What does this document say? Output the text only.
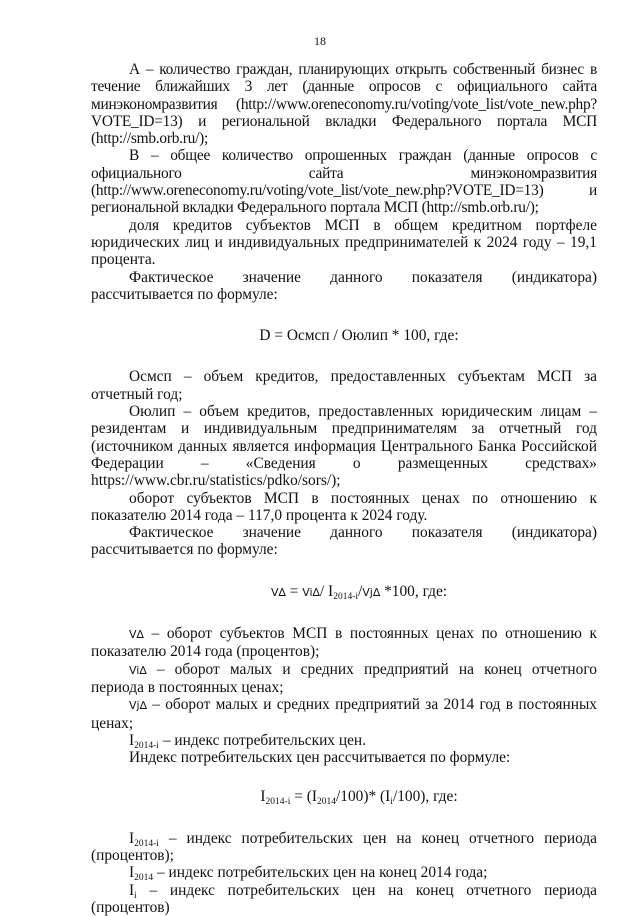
18

А – количество граждан, планирующих открыть собственный бизнес в течение ближайших 3 лет (данные опросов с официального сайта минэкономразвития (http://www.oreneconomy.ru/voting/vote_list/vote_new.php?VOTE_ID=13) и региональной вкладки Федерального портала МСП (http://smb.orb.ru/);

В – общее количество опрошенных граждан (данные опросов с официального сайта минэкономразвития (http://www.oreneconomy.ru/voting/vote_list/vote_new.php?VOTE_ID=13) и региональной вкладки Федерального портала МСП (http://smb.orb.ru/);

доля кредитов субъектов МСП в общем кредитном портфеле юридических лиц и индивидуальных предпринимателей к 2024 году – 19,1 процента.

Фактическое значение данного показателя (индикатора) рассчитывается по формуле:

D = Осмсп / Оюлип * 100, где:

Осмсп – объем кредитов, предоставленных субъектам МСП за отчетный год;

Оюлип – объем кредитов, предоставленных юридическим лицам – резидентам и индивидуальным предпринимателям за отчетный год (источником данных является информация Центрального Банка Российской Федерации – «Сведения о размещенных средствах» https://www.cbr.ru/statistics/pdko/sors/);

оборот субъектов МСП в постоянных ценах по отношению к показателю 2014 года – 117,0 процента к 2024 году.

Фактическое значение данного показателя (индикатора) рассчитывается по формуле:

V∆ = Vi∆/ $I_{2014-i}/Vj\Delta$ *100, где:

V∆ – оборот субъектов МСП в постоянных ценах по отношению к показателю 2014 года (процентов);

Vi∆ – оборот малых и средних предприятий на конец отчетного периода в постоянных ценах;

Vj∆ – оборот малых и средних предприятий за 2014 год в постоянных ценах;

$I_{2014-i}$ – индекс потребительских цен.

Индекс потребительских цен рассчитывается по формуле:

$I_{2014-i} = (I_{2014}/100)*$ $(I_i/100)$, где:

$I_{2014-i}$ – индекс потребительских цен на конец отчетного периода (процентов);

$I_{2014}$ – индекс потребительских цен на конец 2014 года;

$I_i$ – индекс потребительских цен на конец отчетного периода (процентов)
